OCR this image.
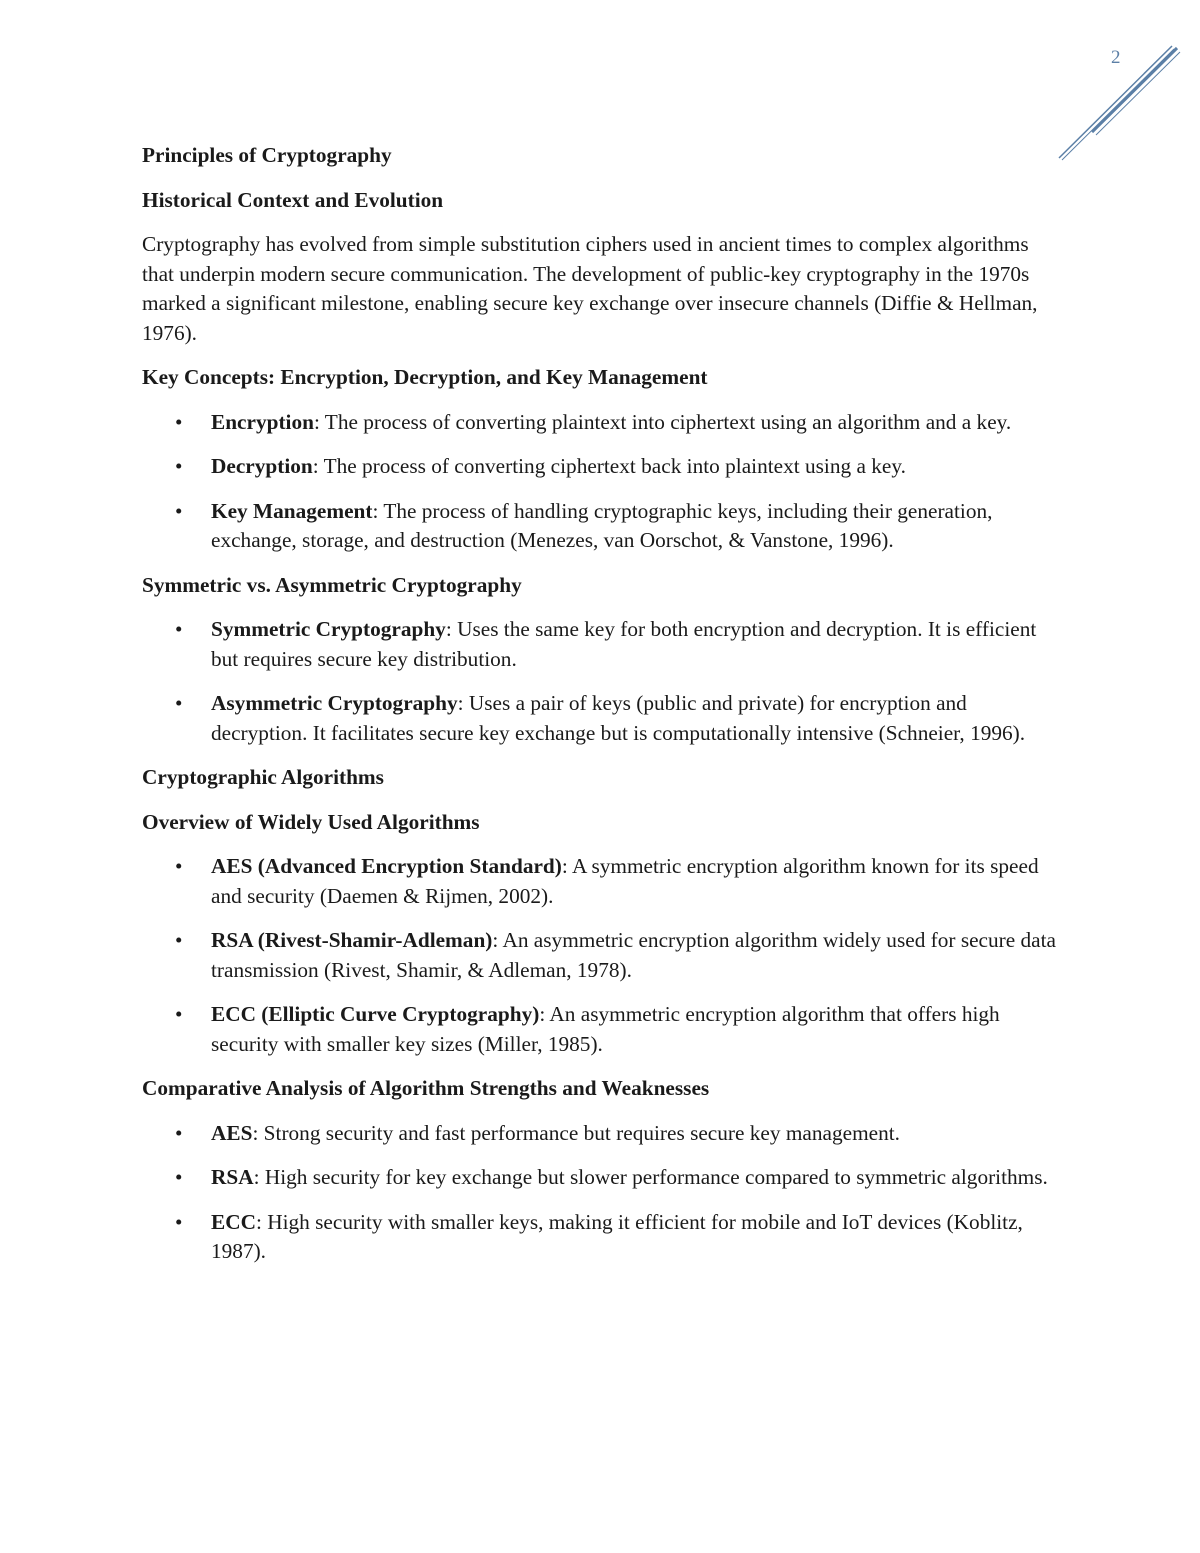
2
Principles of Cryptography
Historical Context and Evolution
Cryptography has evolved from simple substitution ciphers used in ancient times to complex algorithms that underpin modern secure communication. The development of public-key cryptography in the 1970s marked a significant milestone, enabling secure key exchange over insecure channels (Diffie & Hellman, 1976).
Key Concepts: Encryption, Decryption, and Key Management
• Encryption: The process of converting plaintext into ciphertext using an algorithm and a key.
• Decryption: The process of converting ciphertext back into plaintext using a key.
• Key Management: The process of handling cryptographic keys, including their generation, exchange, storage, and destruction (Menezes, van Oorschot, & Vanstone, 1996).
Symmetric vs. Asymmetric Cryptography
• Symmetric Cryptography: Uses the same key for both encryption and decryption. It is efficient but requires secure key distribution.
• Asymmetric Cryptography: Uses a pair of keys (public and private) for encryption and decryption. It facilitates secure key exchange but is computationally intensive (Schneier, 1996).
Cryptographic Algorithms
Overview of Widely Used Algorithms
• AES (Advanced Encryption Standard): A symmetric encryption algorithm known for its speed and security (Daemen & Rijmen, 2002).
• RSA (Rivest-Shamir-Adleman): An asymmetric encryption algorithm widely used for secure data transmission (Rivest, Shamir, & Adleman, 1978).
• ECC (Elliptic Curve Cryptography): An asymmetric encryption algorithm that offers high security with smaller key sizes (Miller, 1985).
Comparative Analysis of Algorithm Strengths and Weaknesses
• AES: Strong security and fast performance but requires secure key management.
• RSA: High security for key exchange but slower performance compared to symmetric algorithms.
• ECC: High security with smaller keys, making it efficient for mobile and IoT devices (Koblitz, 1987).
